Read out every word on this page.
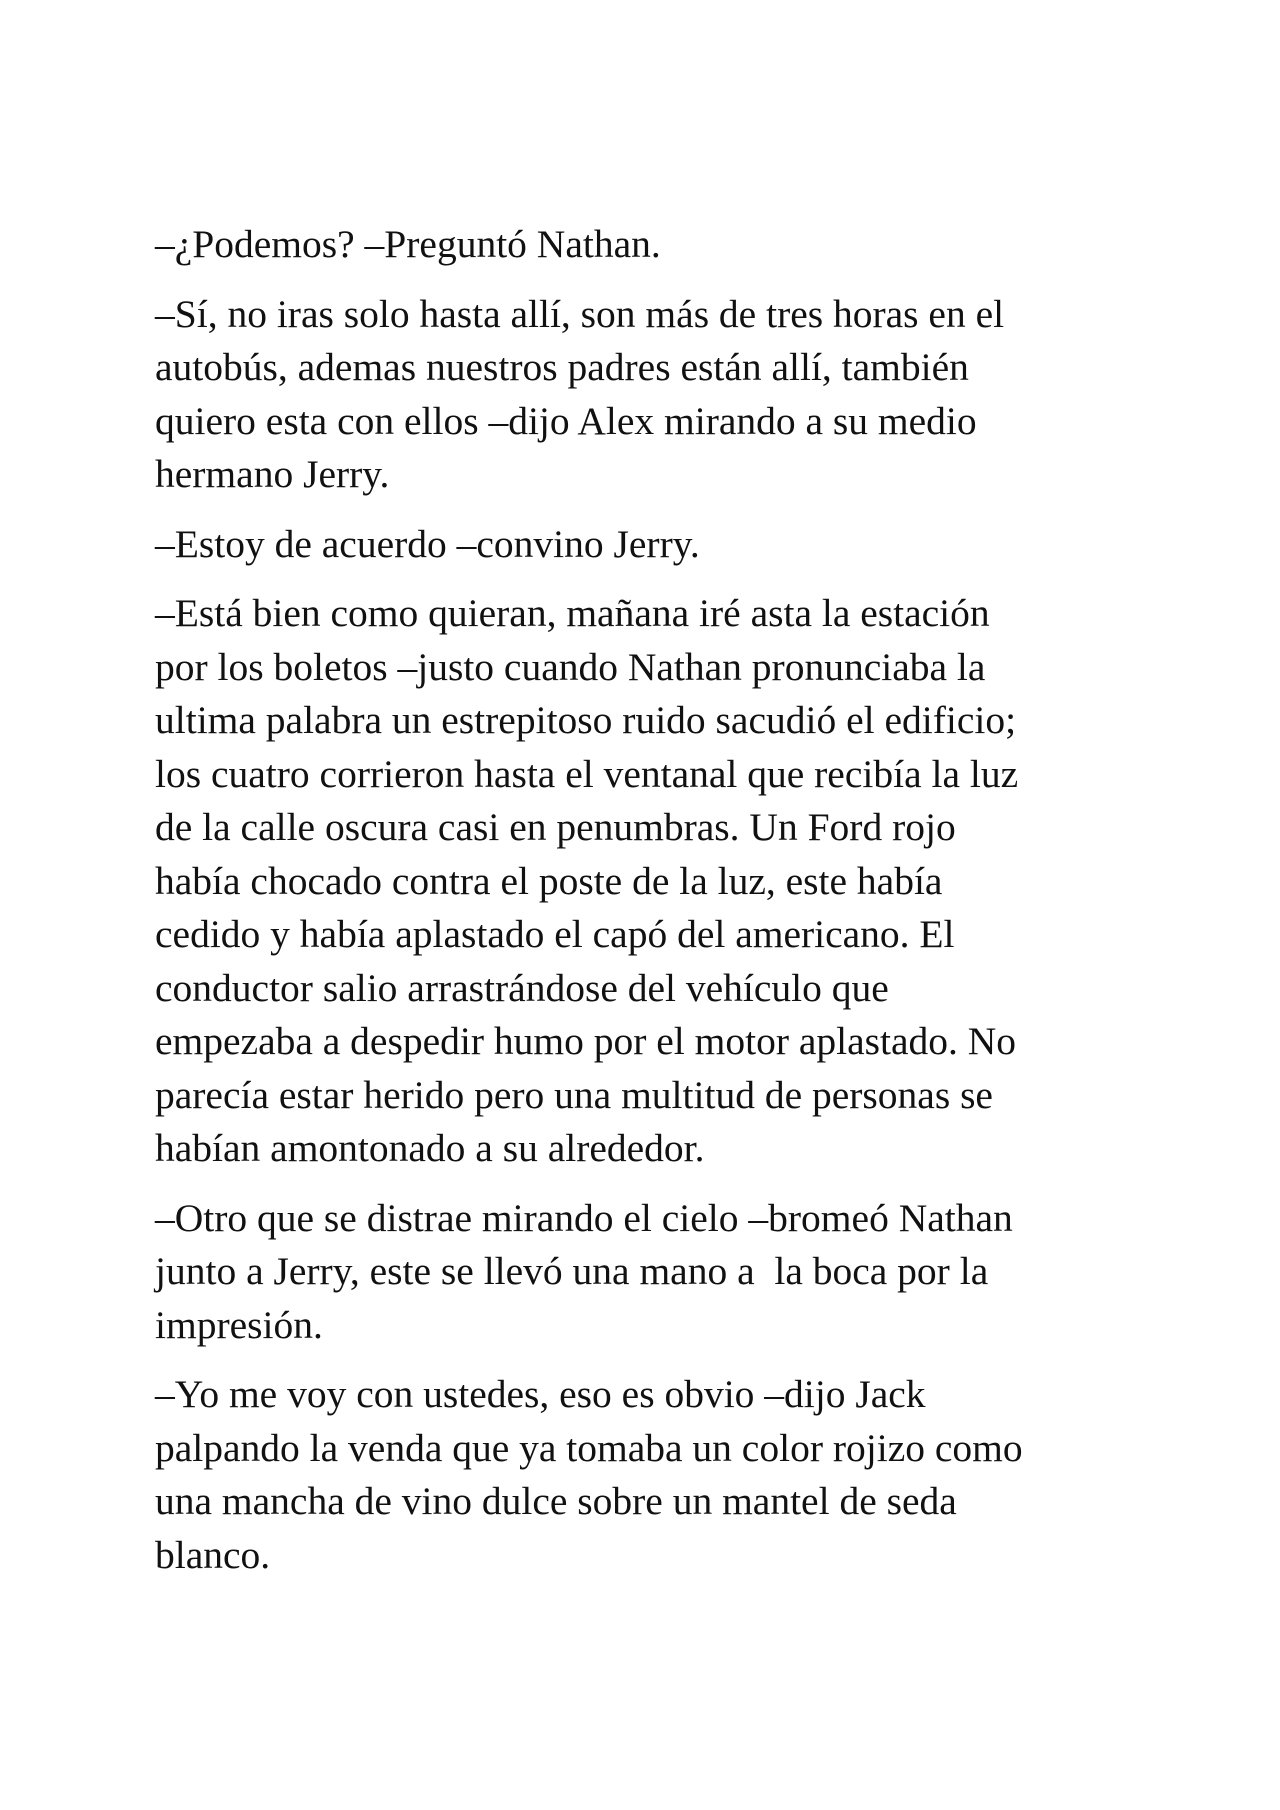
–¿Podemos? –Preguntó Nathan.
–Sí, no iras solo hasta allí, son más de tres horas en el
autobús, ademas nuestros padres están allí, también
quiero esta con ellos –dijo Alex mirando a su medio
hermano Jerry.
–Estoy de acuerdo –convino Jerry.
–Está bien como quieran, mañana iré asta la estación
por los boletos –justo cuando Nathan pronunciaba la
ultima palabra un estrepitoso ruido sacudió el edificio;
los cuatro corrieron hasta el ventanal que recibía la luz
de la calle oscura casi en penumbras. Un Ford rojo
había chocado contra el poste de la luz, este había
cedido y había aplastado el capó del americano. El
conductor salio arrastrándose del vehículo que
empezaba a despedir humo por el motor aplastado. No
parecía estar herido pero una multitud de personas se
habían amontonado a su alrededor.
–Otro que se distrae mirando el cielo –bromeó Nathan
junto a Jerry, este se llevó una mano a  la boca por la
impresión.
–Yo me voy con ustedes, eso es obvio –dijo Jack
palpando la venda que ya tomaba un color rojizo como
una mancha de vino dulce sobre un mantel de seda
blanco.
